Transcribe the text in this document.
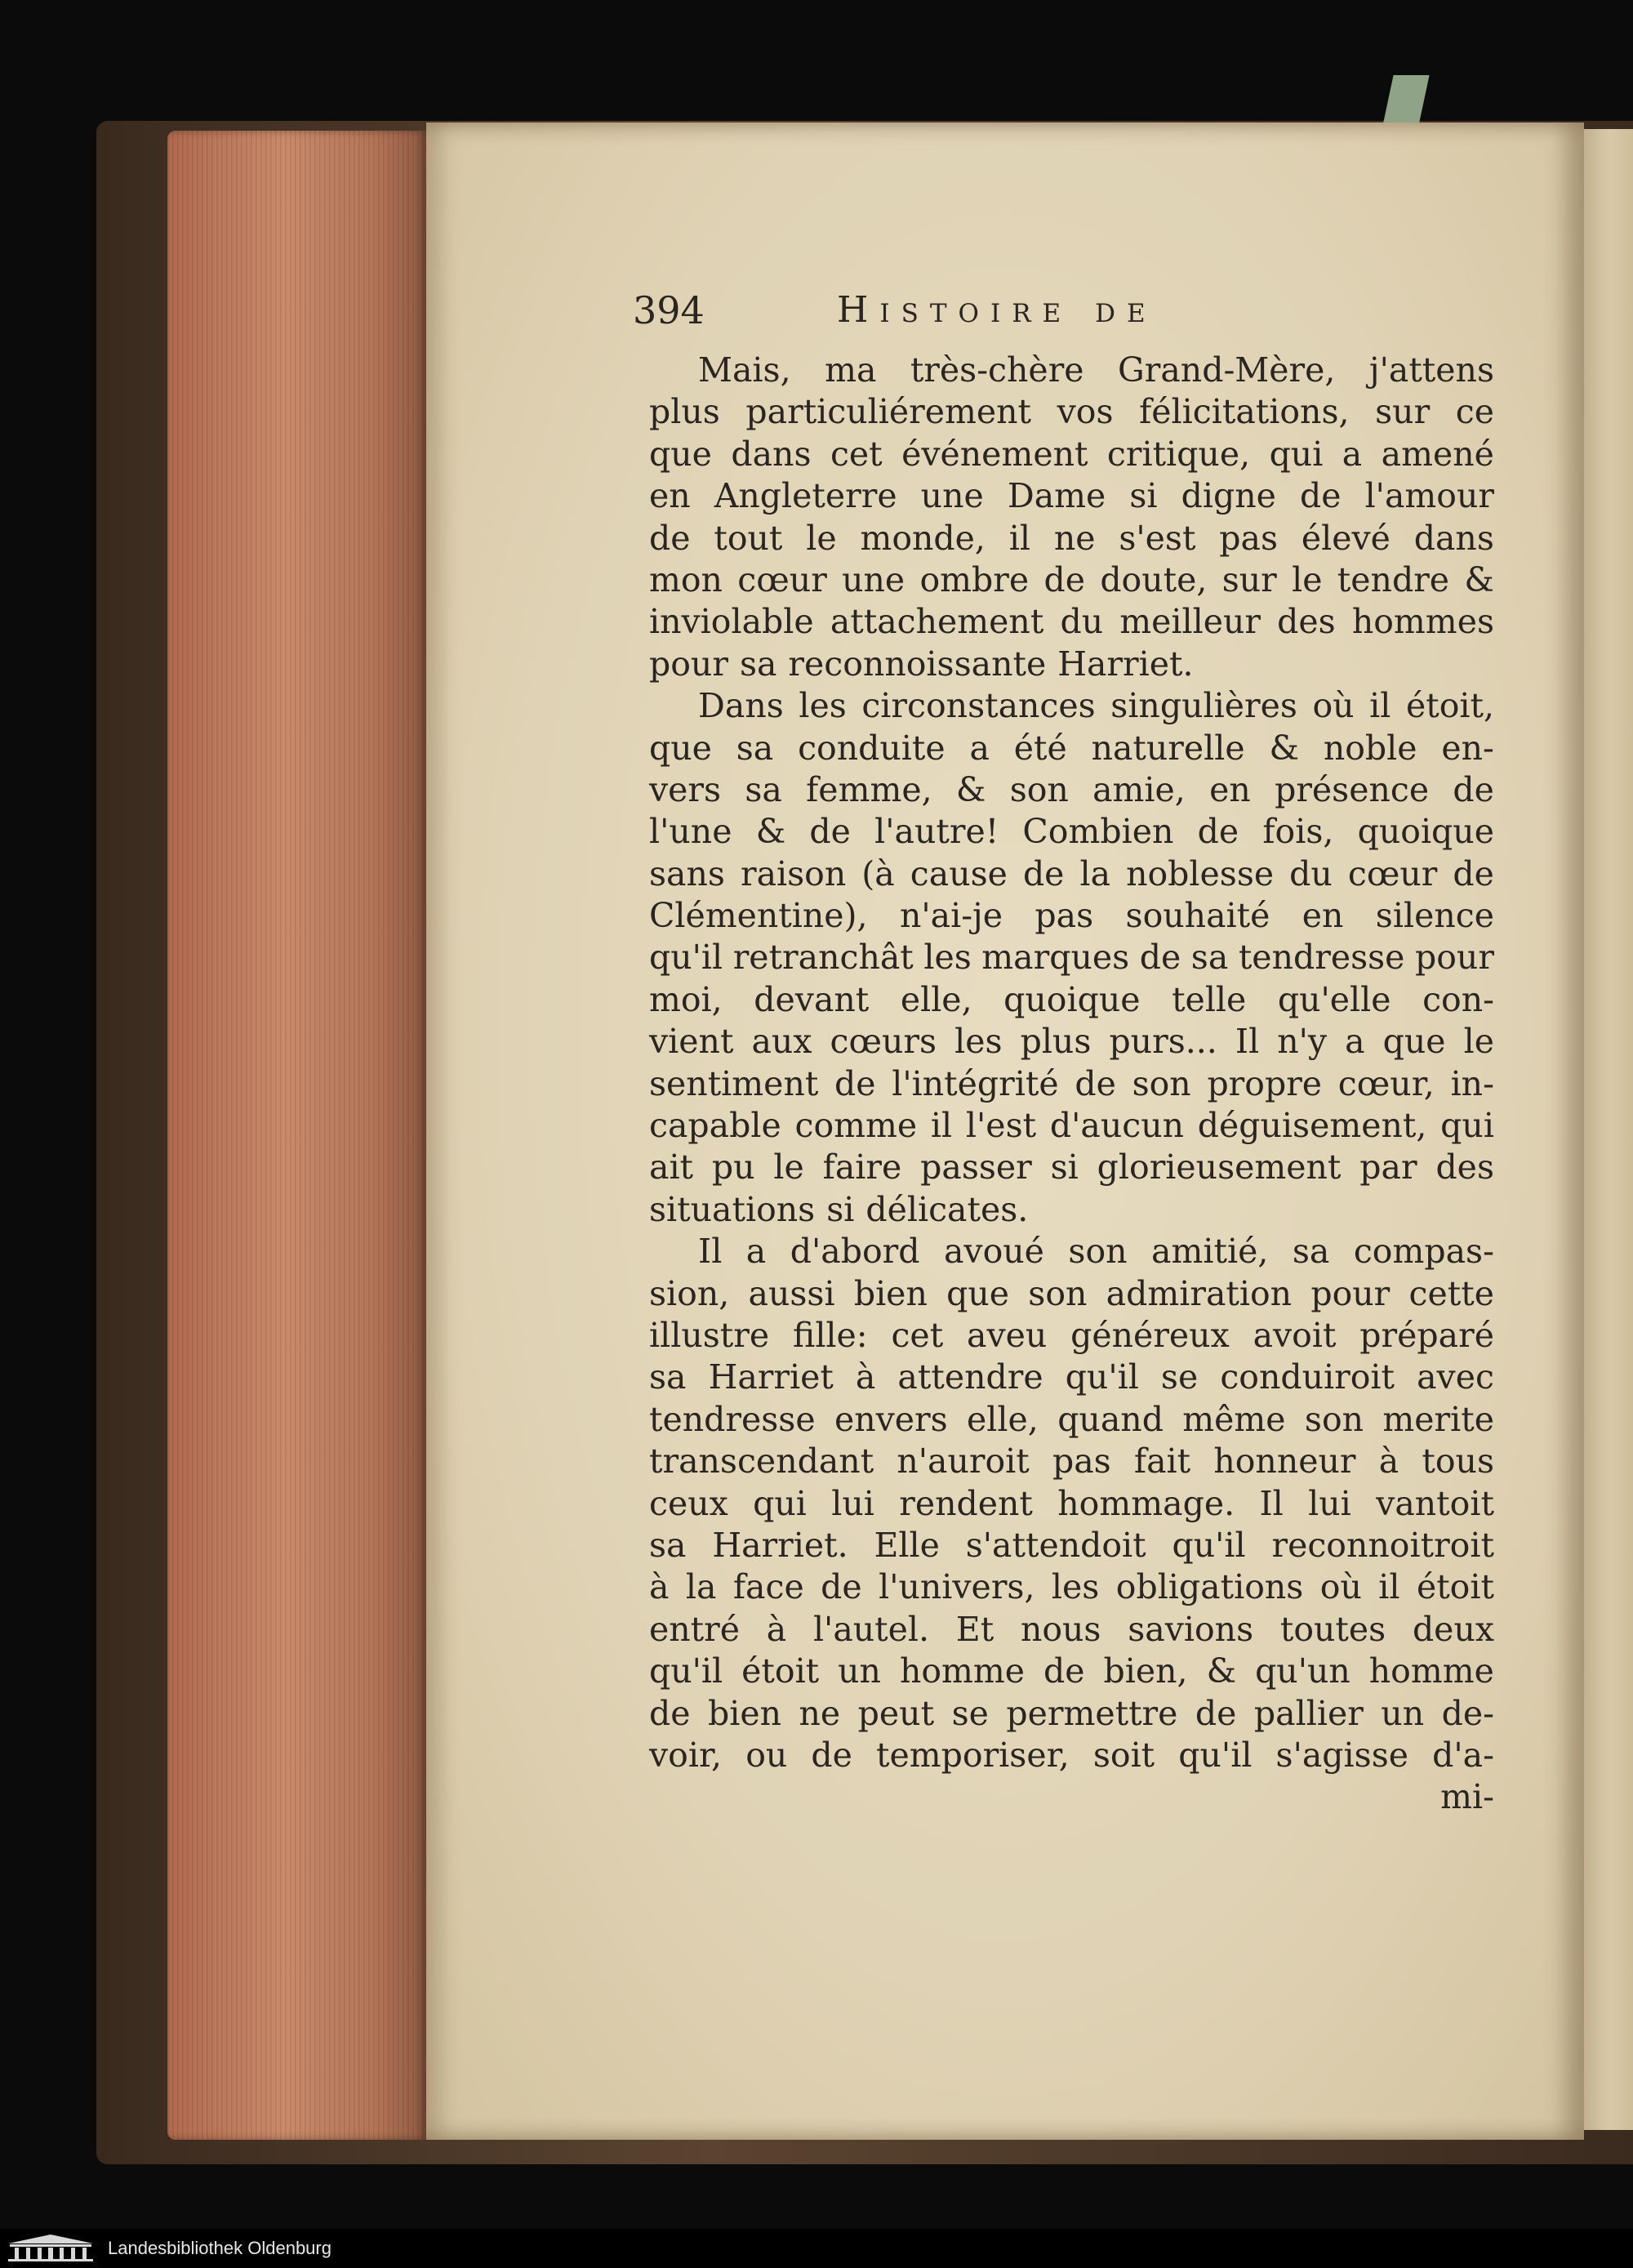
394	Histoire de
Mais, ma très-chère Grand-Mère, j'attens
plus particuliérement vos félicitations, sur ce
que dans cet événement critique, qui a amené
en Angleterre une Dame si digne de l'amour
de tout le monde, il ne s'est pas élevé dans
mon cœur une ombre de doute, sur le tendre &
inviolable attachement du meilleur des hommes
pour sa reconnoissante Harriet.
Dans les circonstances singulières où il étoit,
que sa conduite a été naturelle & noble en-
vers sa femme, & son amie, en présence de
l'une & de l'autre! Combien de fois, quoique
sans raison (à cause de la noblesse du cœur de
Clémentine), n'ai-je pas souhaité en silence
qu'il retranchât les marques de sa tendresse pour
moi, devant elle, quoique telle qu'elle con-
vient aux cœurs les plus purs... Il n'y a que le
sentiment de l'intégrité de son propre cœur, in-
capable comme il l'est d'aucun déguisement, qui
ait pu le faire passer si glorieusement par des
situations si délicates.
Il a d'abord avoué son amitié, sa compas-
sion, aussi bien que son admiration pour cette
illustre fille: cet aveu généreux avoit préparé
sa Harriet à attendre qu'il se conduiroit avec
tendresse envers elle, quand même son merite
transcendant n'auroit pas fait honneur à tous
ceux qui lui rendent hommage. Il lui vantoit
sa Harriet. Elle s'attendoit qu'il reconnoitroit
à la face de l'univers, les obligations où il étoit
entré à l'autel. Et nous savions toutes deux
qu'il étoit un homme de bien, & qu'un homme
de bien ne peut se permettre de pallier un de-
voir, ou de temporiser, soit qu'il s'agisse d'a-
mi-
Landesbibliothek Oldenburg
